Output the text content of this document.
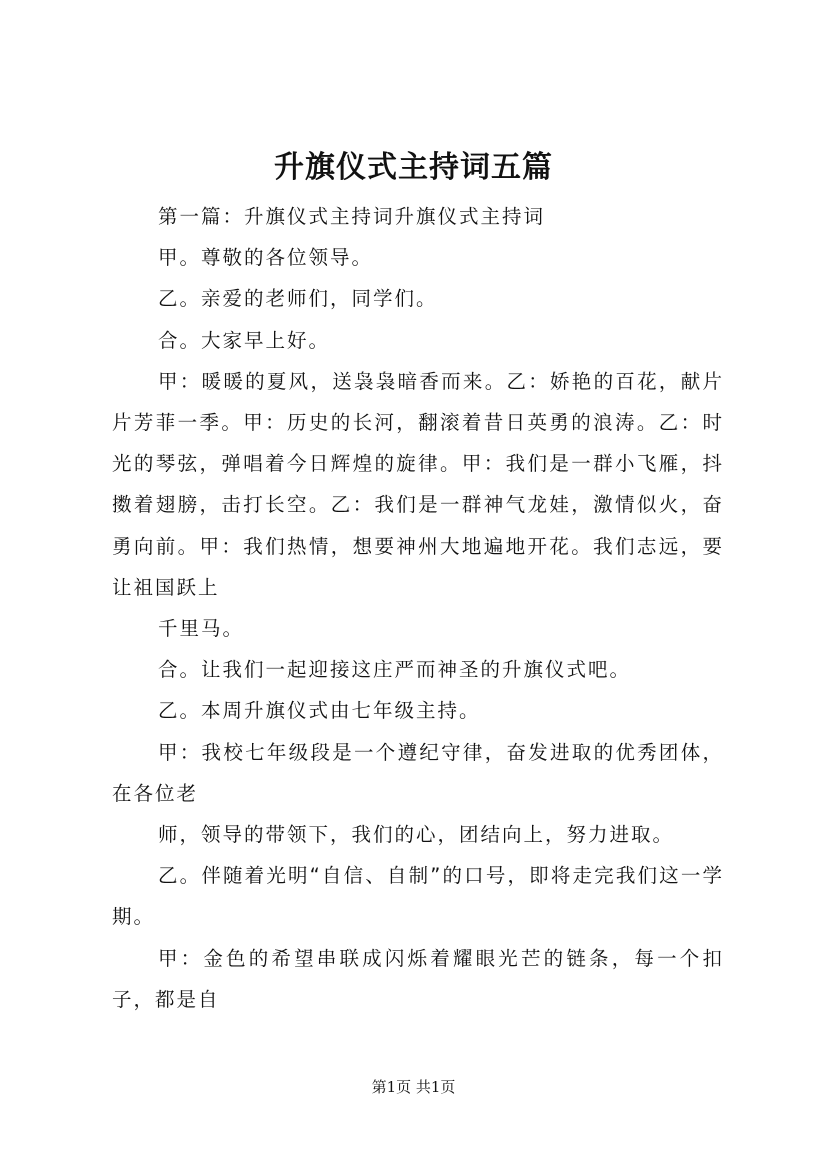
升旗仪式主持词五篇

第一篇：升旗仪式主持词升旗仪式主持词

甲。尊敬的各位领导。

乙。亲爱的老师们，同学们。

合。大家早上好。

甲：暖暖的夏风，送袅袅暗香而来。乙：娇艳的百花，献片片芳菲一季。甲：历史的长河，翻滚着昔日英勇的浪涛。乙：时光的琴弦，弹唱着今日辉煌的旋律。甲：我们是一群小飞雁，抖擞着翅膀，击打长空。乙：我们是一群神气龙娃，激情似火，奋勇向前。甲：我们热情，想要神州大地遍地开花。我们志远，要让祖国跃上

千里马。

合。让我们一起迎接这庄严而神圣的升旗仪式吧。

乙。本周升旗仪式由七年级主持。

甲：我校七年级段是一个遵纪守律，奋发进取的优秀团体，在各位老

师，领导的带领下，我们的心，团结向上，努力进取。

乙。伴随着光明“自信、自制”的口号，即将走完我们这一学期。

甲：金色的希望串联成闪烁着耀眼光芒的链条，每一个扣子，都是自

第1页 共1页
